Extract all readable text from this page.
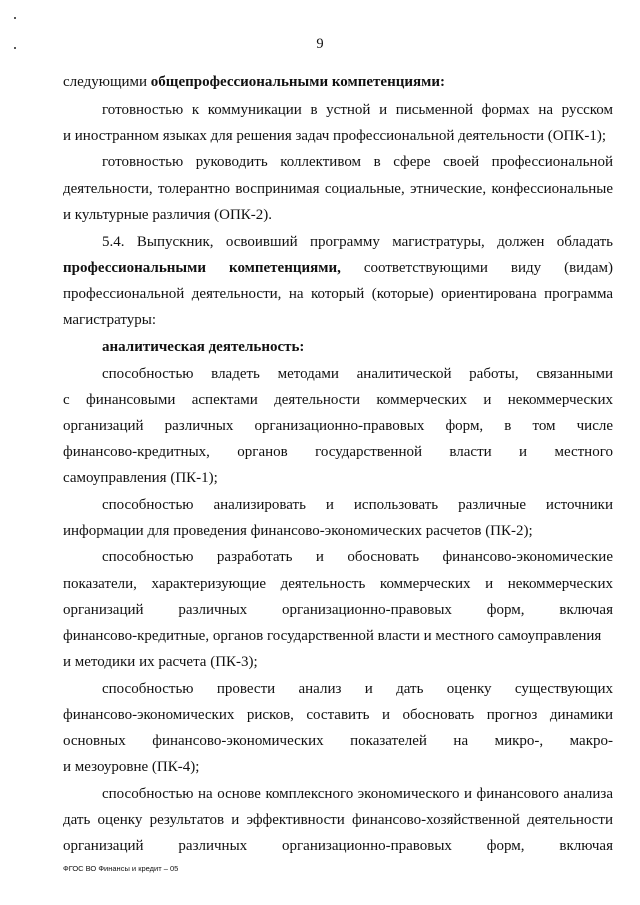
9
следующими общепрофессиональными компетенциями:
готовностью к коммуникации в устной и письменной формах на русском
и иностранном языках для решения задач профессиональной деятельности (ОПК-1);
готовностью руководить коллективом в сфере своей профессиональной
деятельности, толерантно воспринимая социальные, этнические, конфессиональные
и культурные различия (ОПК-2).
5.4. Выпускник, освоивший программу магистратуры, должен обладать
профессиональными компетенциями, соответствующими виду (видам)
профессиональной деятельности, на который (которые) ориентирована программа
магистратуры:
аналитическая деятельность:
способностью владеть методами аналитической работы, связанными
с финансовыми аспектами деятельности коммерческих и некоммерческих
организаций различных организационно-правовых форм, в том числе
финансово-кредитных, органов государственной власти и местного
самоуправления (ПК-1);
способностью анализировать и использовать различные источники
информации для проведения финансово-экономических расчетов (ПК-2);
способностью разработать и обосновать финансово-экономические
показатели, характеризующие деятельность коммерческих и некоммерческих
организаций различных организационно-правовых форм, включая
финансово-кредитные, органов государственной власти и местного самоуправления
и методики их расчета (ПК-3);
способностью провести анализ и дать оценку существующих
финансово-экономических рисков, составить и обосновать прогноз динамики
основных финансово-экономических показателей на микро-, макро-
и мезоуровне (ПК-4);
способностью на основе комплексного экономического и финансового анализа
дать оценку результатов и эффективности финансово-хозяйственной деятельности
организаций различных организационно-правовых форм, включая
ФГОС ВО Финансы и кредит – 05
